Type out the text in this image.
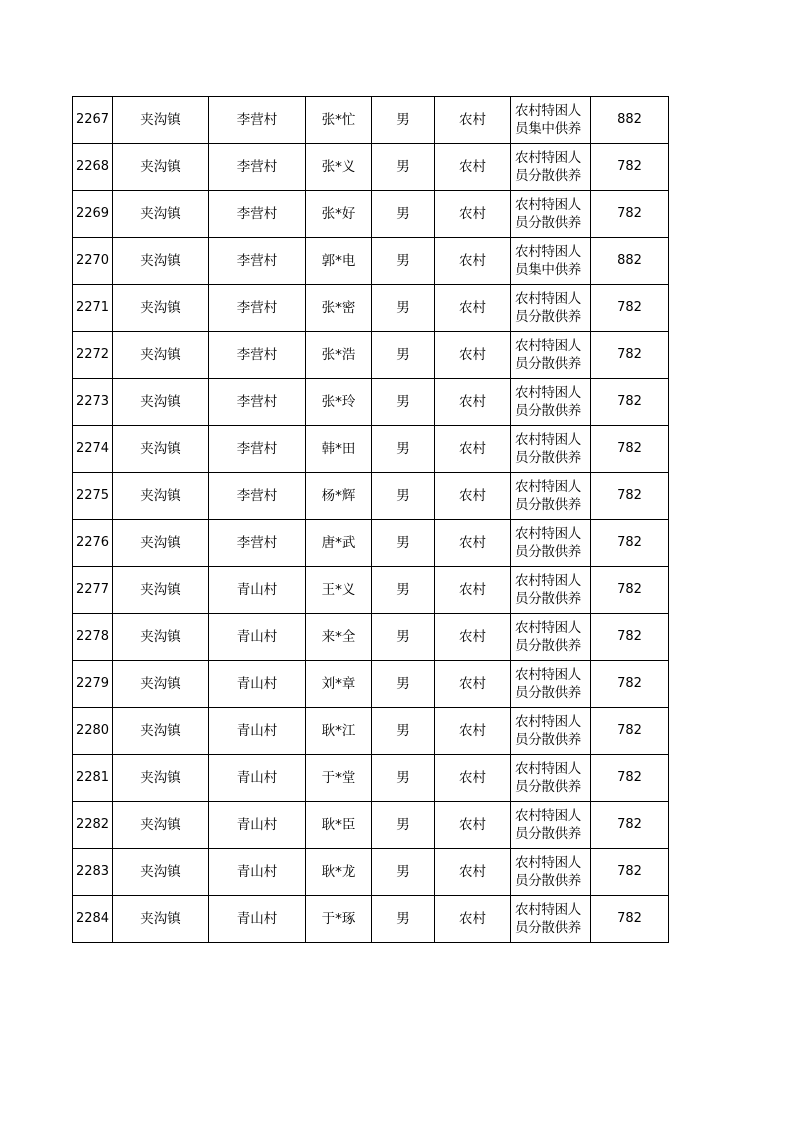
2267	夹沟镇	李营村	张*忙	男	农村	农村特困人员集中供养	882
2268	夹沟镇	李营村	张*义	男	农村	农村特困人员分散供养	782
2269	夹沟镇	李营村	张*好	男	农村	农村特困人员分散供养	782
2270	夹沟镇	李营村	郭*电	男	农村	农村特困人员集中供养	882
2271	夹沟镇	李营村	张*密	男	农村	农村特困人员分散供养	782
2272	夹沟镇	李营村	张*浩	男	农村	农村特困人员分散供养	782
2273	夹沟镇	李营村	张*玲	男	农村	农村特困人员分散供养	782
2274	夹沟镇	李营村	韩*田	男	农村	农村特困人员分散供养	782
2275	夹沟镇	李营村	杨*辉	男	农村	农村特困人员分散供养	782
2276	夹沟镇	李营村	唐*武	男	农村	农村特困人员分散供养	782
2277	夹沟镇	青山村	王*义	男	农村	农村特困人员分散供养	782
2278	夹沟镇	青山村	来*全	男	农村	农村特困人员分散供养	782
2279	夹沟镇	青山村	刘*章	男	农村	农村特困人员分散供养	782
2280	夹沟镇	青山村	耿*江	男	农村	农村特困人员分散供养	782
2281	夹沟镇	青山村	于*堂	男	农村	农村特困人员分散供养	782
2282	夹沟镇	青山村	耿*臣	男	农村	农村特困人员分散供养	782
2283	夹沟镇	青山村	耿*龙	男	农村	农村特困人员分散供养	782
2284	夹沟镇	青山村	于*琢	男	农村	农村特困人员分散供养	782
